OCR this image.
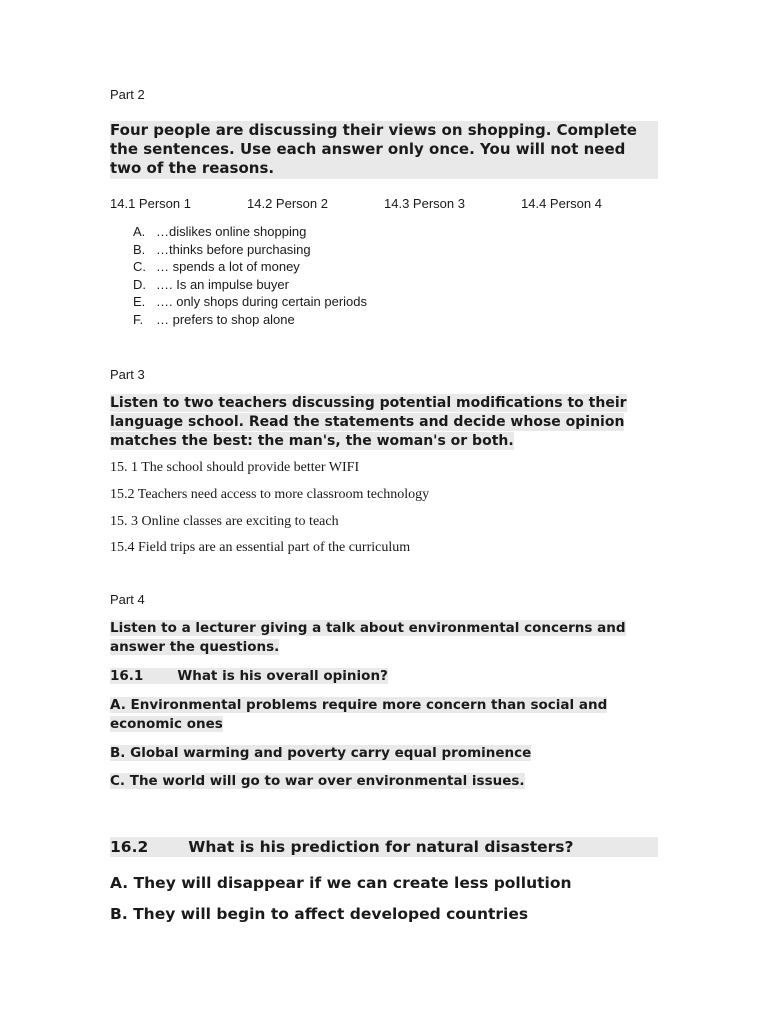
Part 2
Four people are discussing their views on shopping. Complete the sentences. Use each answer only once. You will not need two of the reasons.
14.1 Person 1	14.2 Person 2	14.3 Person 3	14.4 Person 4
A. …dislikes online shopping
B. …thinks before purchasing
C. … spends a lot of money
D. …. Is an impulse buyer
E. …. only shops during certain periods
F. … prefers to shop alone
Part 3
Listen to two teachers discussing potential modifications to their language school. Read the statements and decide whose opinion matches the best: the man's, the woman's or both.
15. 1 The school should provide better WIFI
15.2 Teachers need access to more classroom technology
15. 3 Online classes are exciting to teach
15.4 Field trips are an essential part of the curriculum
Part 4
Listen to a lecturer giving a talk about environmental concerns and answer the questions.
16.1	What is his overall opinion?
A. Environmental problems require more concern than social and economic ones
B. Global warming and poverty carry equal prominence
C. The world will go to war over environmental issues.
16.2	What is his prediction for natural disasters?
A. They will disappear if we can create less pollution
B. They will begin to affect developed countries
